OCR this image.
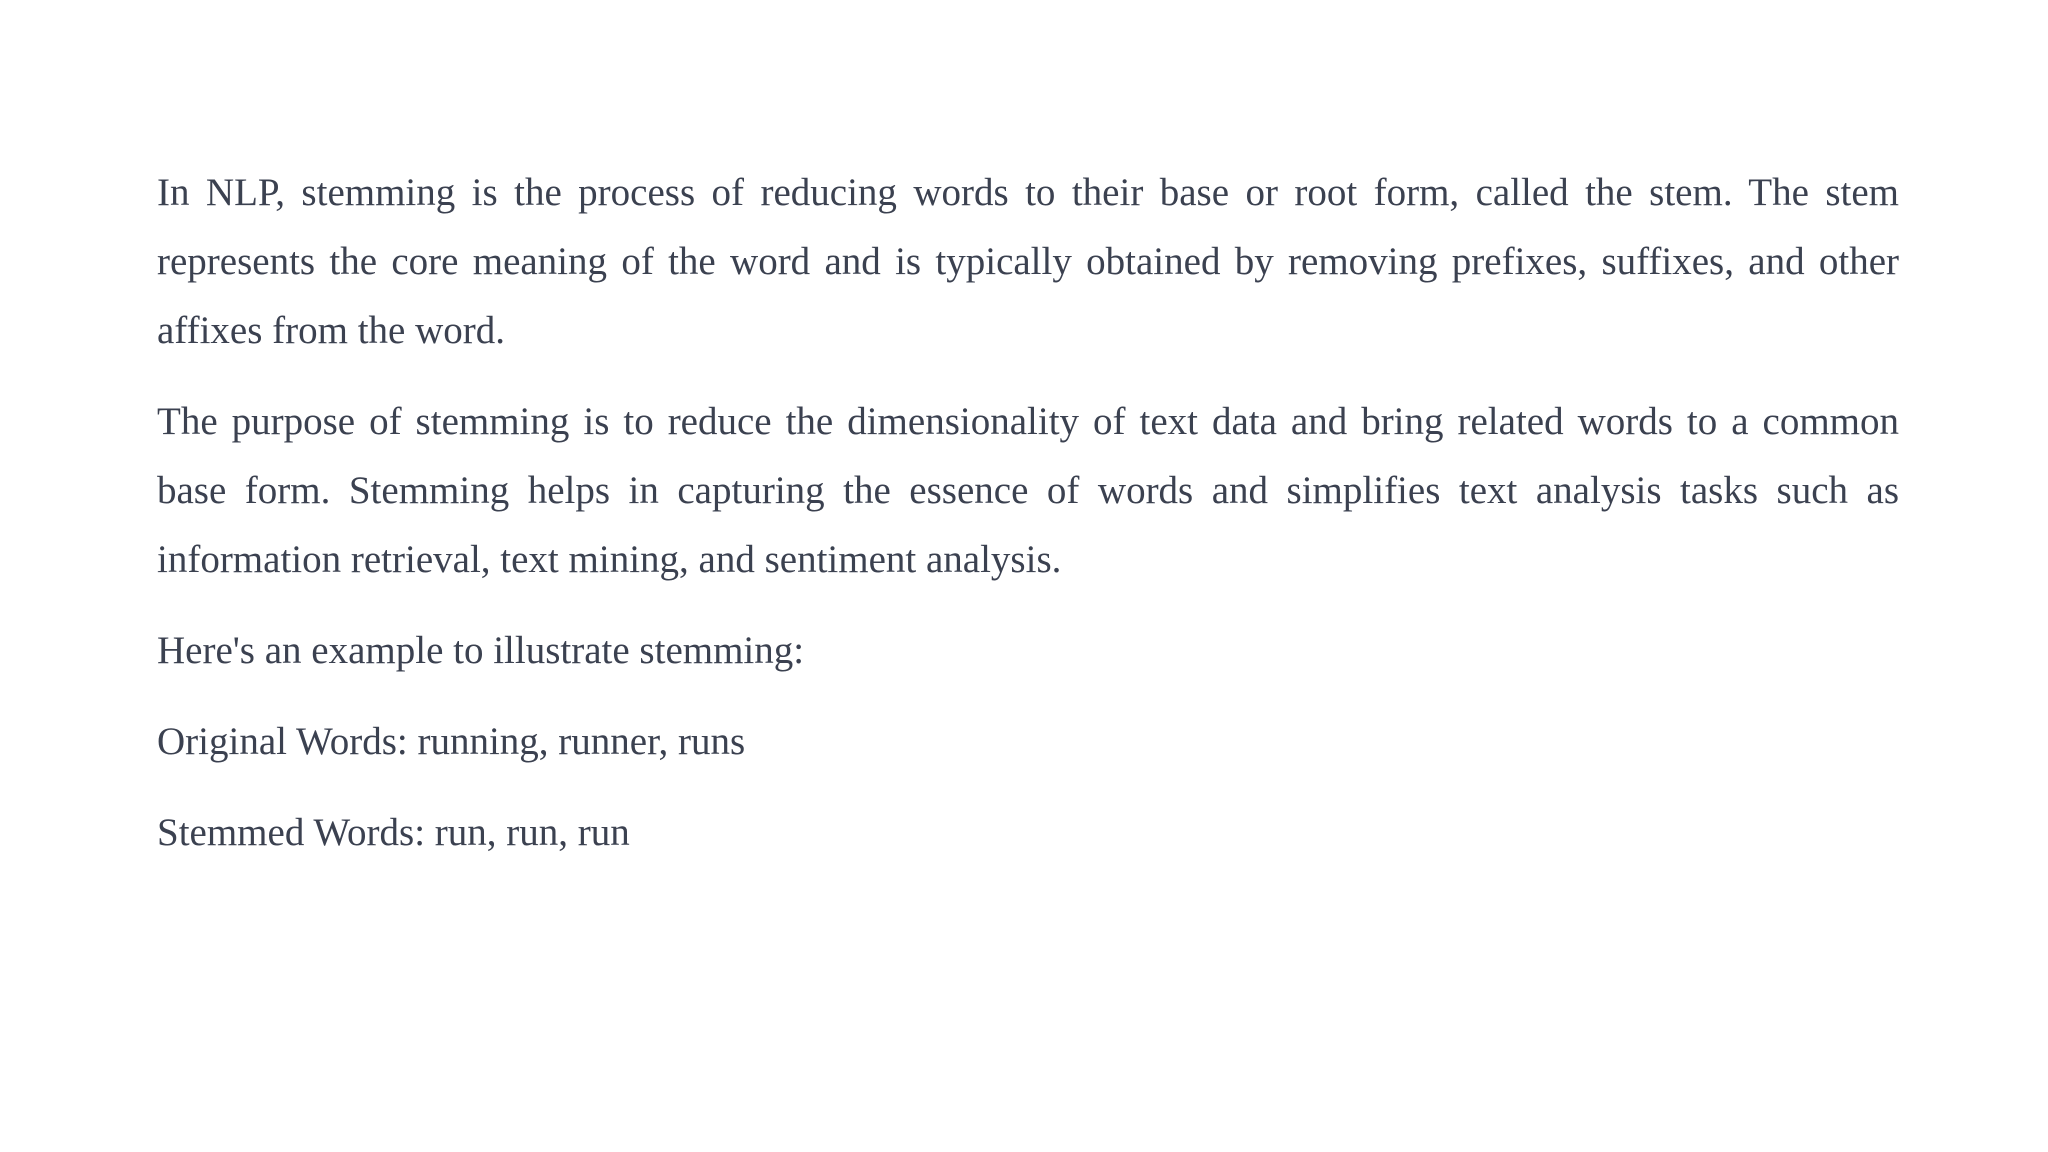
In NLP, stemming is the process of reducing words to their base or root form, called the stem. The stem represents the core meaning of the word and is typically obtained by removing prefixes, suffixes, and other affixes from the word.

The purpose of stemming is to reduce the dimensionality of text data and bring related words to a common base form. Stemming helps in capturing the essence of words and simplifies text analysis tasks such as information retrieval, text mining, and sentiment analysis.

Here's an example to illustrate stemming:

Original Words: running, runner, runs

Stemmed Words: run, run, run
